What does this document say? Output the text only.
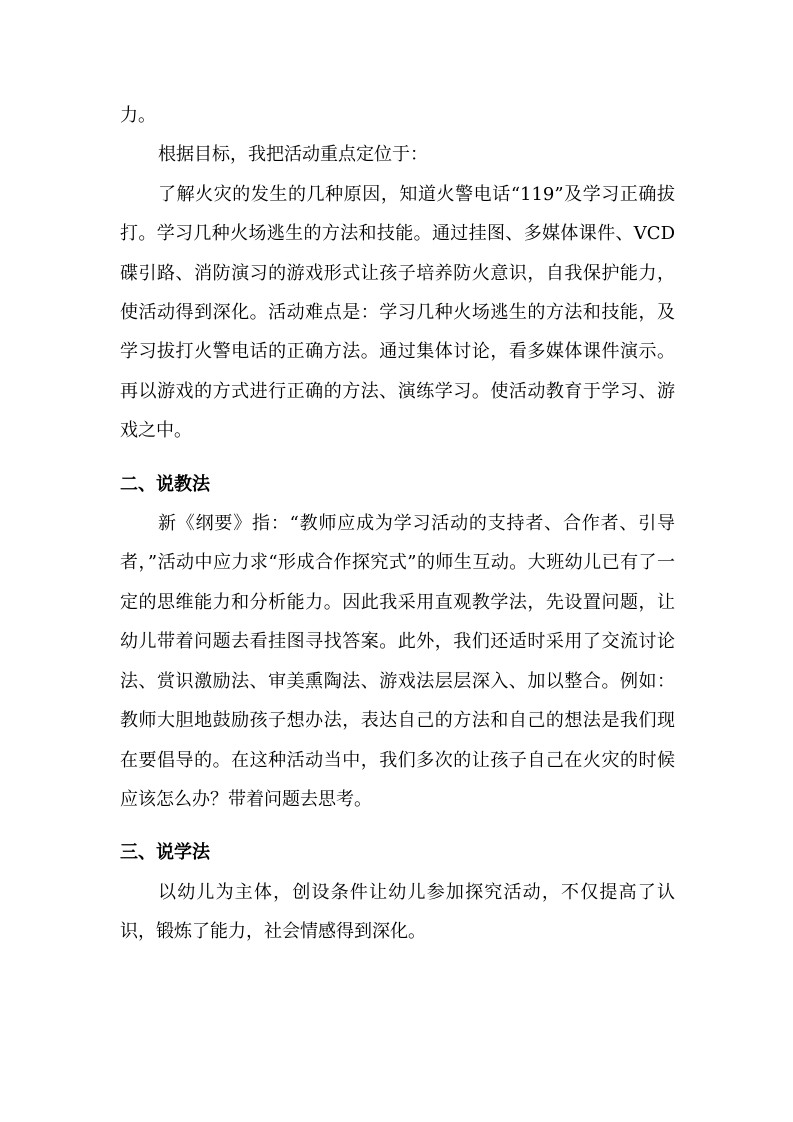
力。

根据目标，我把活动重点定位于：

了解火灾的发生的几种原因，知道火警电话“119”及学习正确拔打。学习几种火场逃生的方法和技能。通过挂图、多媒体课件、VCD碟引路、消防演习的游戏形式让孩子培养防火意识，自我保护能力，使活动得到深化。活动难点是：学习几种火场逃生的方法和技能，及学习拔打火警电话的正确方法。通过集体讨论，看多媒体课件演示。再以游戏的方式进行正确的方法、演练学习。使活动教育于学习、游戏之中。

二、说教法

新《纲要》指：“教师应成为学习活动的支持者、合作者、引导者，”活动中应力求“形成合作探究式”的师生互动。大班幼儿已有了一定的思维能力和分析能力。因此我采用直观教学法，先设置问题，让幼儿带着问题去看挂图寻找答案。此外，我们还适时采用了交流讨论法、赏识激励法、审美熏陶法、游戏法层层深入、加以整合。例如：教师大胆地鼓励孩子想办法，表达自己的方法和自己的想法是我们现在要倡导的。在这种活动当中，我们多次的让孩子自己在火灾的时候应该怎么办？带着问题去思考。

三、说学法

以幼儿为主体，创设条件让幼儿参加探究活动，不仅提高了认识，锻炼了能力，社会情感得到深化。
